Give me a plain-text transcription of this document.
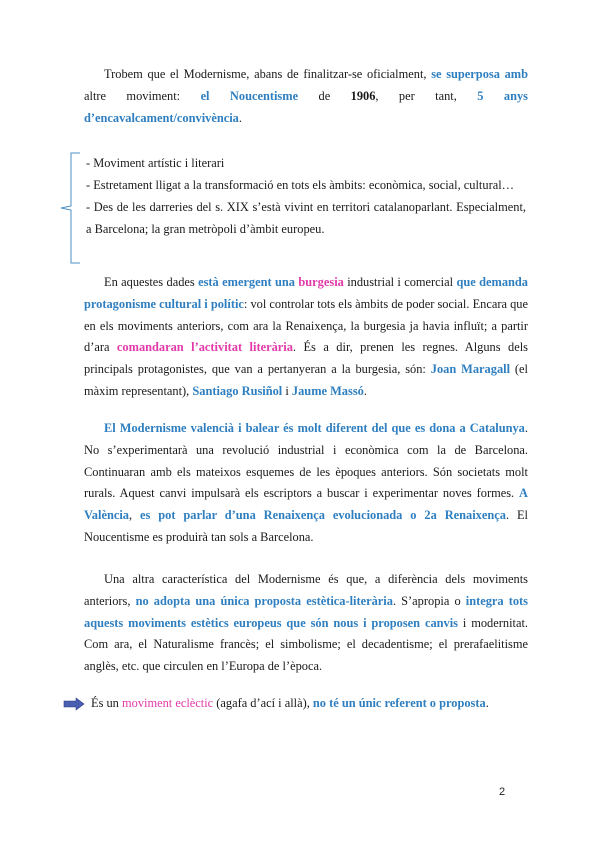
Trobem que el Modernisme, abans de finalitzar-se oficialment, se superposa amb altre moviment: el Noucentisme de 1906, per tant, 5 anys d’encavalcament/convivència.

- Moviment artístic i literari

- Estretament lligat a la transformació en tots els àmbits: econòmica, social, cultural…

- Des de les darreries del s. XIX s’està vivint en territori catalanoparlant. Especialment, a Barcelona; la gran metròpoli d’àmbit europeu.

En aquestes dades està emergent una burgesia industrial i comercial que demanda protagonisme cultural i polític: vol controlar tots els àmbits de poder social. Encara que en els moviments anteriors, com ara la Renaixença, la burgesia ja havia influït; a partir d’ara comandaran l’activitat literària. És a dir, prenen les regnes. Alguns dels principals protagonistes, que van a pertanyeran a la burgesia, són: Joan Maragall (el màxim representant), Santiago Rusiñol i Jaume Massó.

El Modernisme valencià i balear és molt diferent del que es dona a Catalunya. No s’experimentarà una revolució industrial i econòmica com la de Barcelona. Continuaran amb els mateixos esquemes de les èpoques anteriors. Són societats molt rurals. Aquest canvi impulsarà els escriptors a buscar i experimentar noves formes. A València, es pot parlar d’una Renaixença evolucionada o 2a Renaixença. El Noucentisme es produirà tan sols a Barcelona.

Una altra característica del Modernisme és que, a diferència dels moviments anteriors, no adopta una única proposta estètica-literària. S’apropia o integra tots aquests moviments estètics europeus que són nous i proposen canvis i modernitat. Com ara, el Naturalisme francès; el simbolisme; el decadentisme; el prerafaelitisme anglès, etc. que circulen en l’Europa de l’època.

És un moviment eclèctic (agafa d’ací i allà), no té un únic referent o proposta.

2
